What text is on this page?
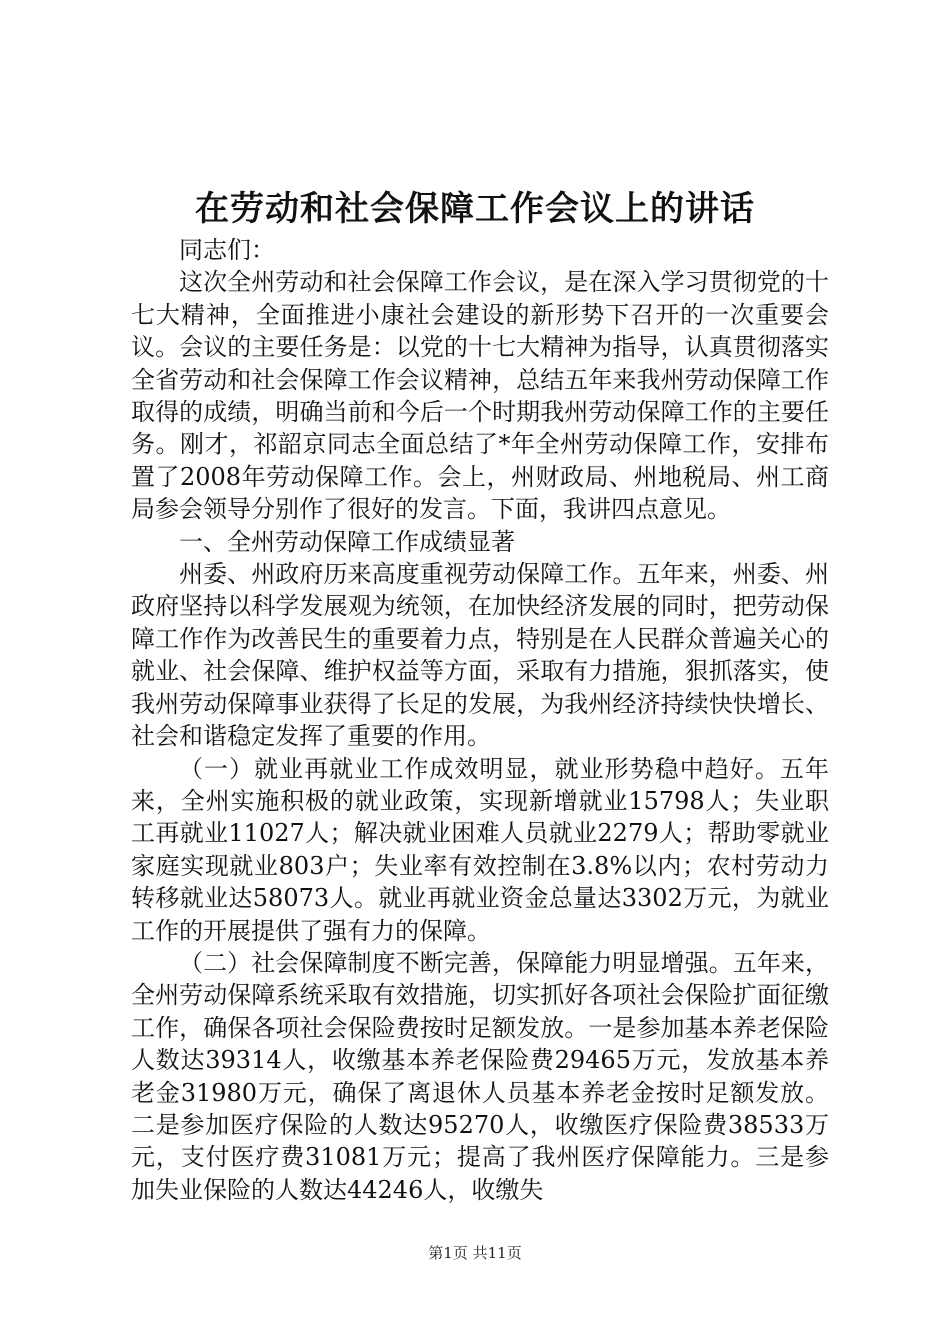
在劳动和社会保障工作会议上的讲话

同志们：

这次全州劳动和社会保障工作会议，是在深入学习贯彻党的十七大精神，全面推进小康社会建设的新形势下召开的一次重要会议。会议的主要任务是：以党的十七大精神为指导，认真贯彻落实全省劳动和社会保障工作会议精神，总结五年来我州劳动保障工作取得的成绩，明确当前和今后一个时期我州劳动保障工作的主要任务。刚才，祁韶京同志全面总结了*年全州劳动保障工作，安排布置了2008年劳动保障工作。会上，州财政局、州地税局、州工商局参会领导分别作了很好的发言。下面，我讲四点意见。

一、全州劳动保障工作成绩显著

州委、州政府历来高度重视劳动保障工作。五年来，州委、州政府坚持以科学发展观为统领，在加快经济发展的同时，把劳动保障工作作为改善民生的重要着力点，特别是在人民群众普遍关心的就业、社会保障、维护权益等方面，采取有力措施，狠抓落实，使我州劳动保障事业获得了长足的发展，为我州经济持续快快增长、社会和谐稳定发挥了重要的作用。

（一）就业再就业工作成效明显，就业形势稳中趋好。五年来，全州实施积极的就业政策，实现新增就业15798人；失业职工再就业11027人；解决就业困难人员就业2279人；帮助零就业家庭实现就业803户；失业率有效控制在3.8%以内；农村劳动力转移就业达58073人。就业再就业资金总量达3302万元，为就业工作的开展提供了强有力的保障。

（二）社会保障制度不断完善，保障能力明显增强。五年来，全州劳动保障系统采取有效措施，切实抓好各项社会保险扩面征缴工作，确保各项社会保险费按时足额发放。一是参加基本养老保险人数达39314人，收缴基本养老保险费29465万元，发放基本养老金31980万元，确保了离退休人员基本养老金按时足额发放。二是参加医疗保险的人数达95270人，收缴医疗保险费38533万元，支付医疗费31081万元；提高了我州医疗保障能力。三是参加失业保险的人数达44246人，收缴失

第1页 共11页
